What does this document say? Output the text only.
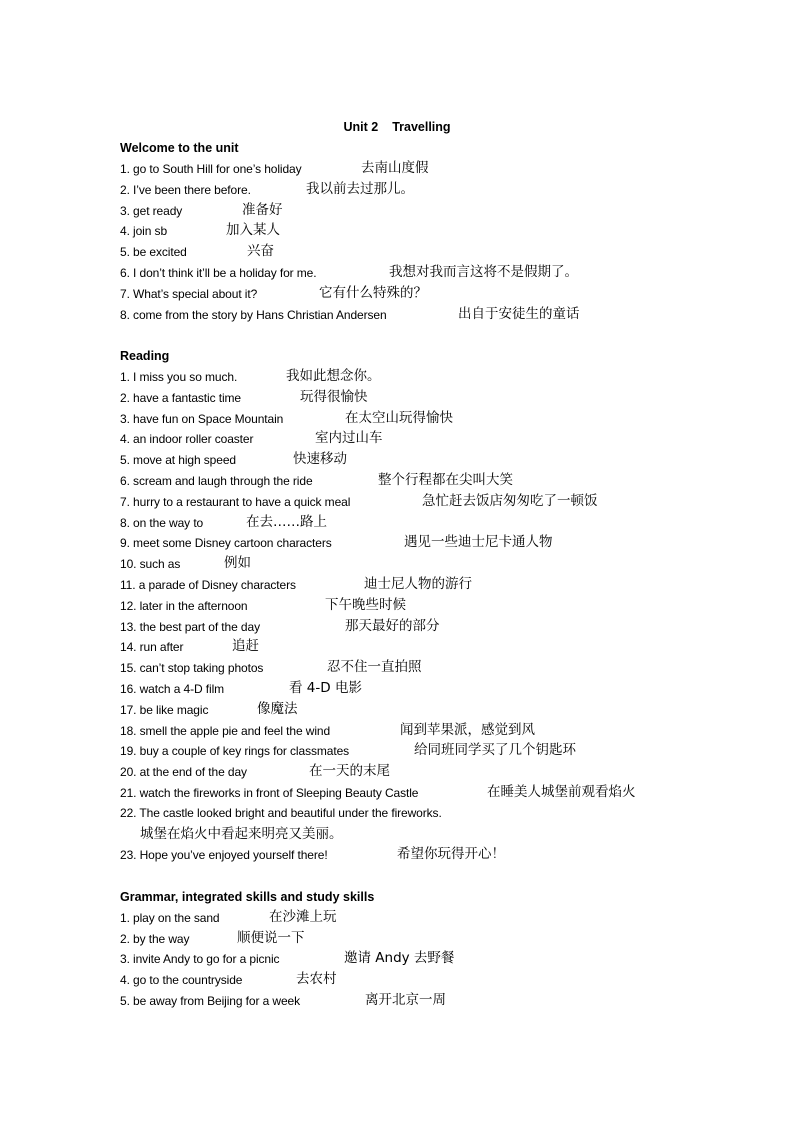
Unit 2 Travelling
Welcome to the unit
1. go to South Hill for one’s holiday	去南山度假
2. I’ve been there before.	我以前去过那儿。
3. get ready	准备好
4. join sb	加入某人
5. be excited	兴奋
6. I don’t think it’ll be a holiday for me.	我想对我而言这将不是假期了。
7. What’s special about it?	它有什么特殊的？
8. come from the story by Hans Christian Andersen	出自于安徒生的童话
Reading
1. I miss you so much.	我如此想念你。
2. have a fantastic time	玩得很愉快
3. have fun on Space Mountain	在太空山玩得愉快
4. an indoor roller coaster	室内过山车
5. move at high speed	快速移动
6. scream and laugh through the ride	整个行程都在尖叫大笑
7. hurry to a restaurant to have a quick meal	急忙赶去饭店匆匆吃了一顿饭
8. on the way to	在去……路上
9. meet some Disney cartoon characters	遇见一些迪士尼卡通人物
10. such as	例如
11. a parade of Disney characters	迪士尼人物的游行
12. later in the afternoon	下午晚些时候
13. the best part of the day	那天最好的部分
14. run after	追赶
15. can’t stop taking photos	忍不住一直拍照
16. watch a 4-D film	看 4-D 电影
17. be like magic	像魔法
18. smell the apple pie and feel the wind	闻到苹果派，感觉到风
19. buy a couple of key rings for classmates	给同班同学买了几个钥匙环
20. at the end of the day	在一天的末尾
21. watch the fireworks in front of Sleeping Beauty Castle	在睡美人城堡前观看焰火
22. The castle looked bright and beautiful under the fireworks.
城堡在焰火中看起来明亮又美丽。
23. Hope you’ve enjoyed yourself there!	希望你玩得开心！
Grammar, integrated skills and study skills
1. play on the sand	在沙滩上玩
2. by the way	顺便说一下
3. invite Andy to go for a picnic	邀请 Andy 去野餐
4. go to the countryside	去农村
5. be away from Beijing for a week	离开北京一周
